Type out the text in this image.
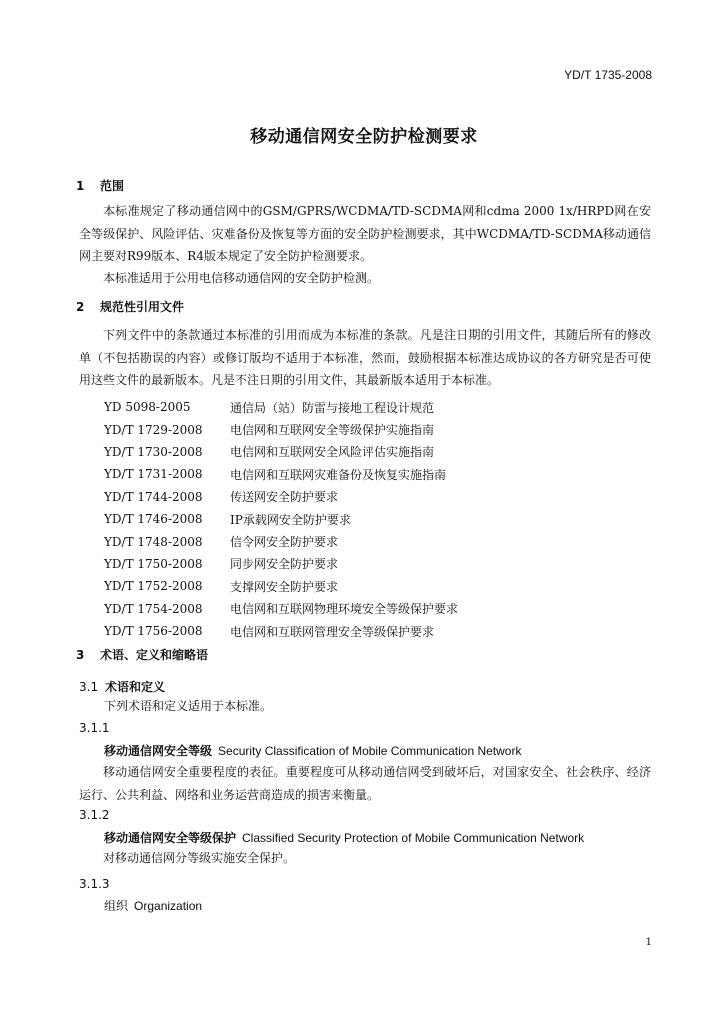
YD/T 1735-2008
移动通信网安全防护检测要求
1 范围

本标准规定了移动通信网中的GSM/GPRS/WCDMA/TD-SCDMA网和cdma 2000 1x/HRPD网在安全等级保护、风险评估、灾难备份及恢复等方面的安全防护检测要求，其中WCDMA/TD-SCDMA移动通信网主要对R99版本、R4版本规定了安全防护检测要求。

本标准适用于公用电信移动通信网的安全防护检测。

2 规范性引用文件

下列文件中的条款通过本标准的引用而成为本标准的条款。凡是注日期的引用文件，其随后所有的修改单（不包括勘误的内容）或修订版均不适用于本标准，然而，鼓励根据本标准达成协议的各方研究是否可使用这些文件的最新版本。凡是不注日期的引用文件，其最新版本适用于本标准。

YD 5098-2005	通信局（站）防雷与接地工程设计规范
YD/T 1729-2008	电信网和互联网安全等级保护实施指南
YD/T 1730-2008	电信网和互联网安全风险评估实施指南
YD/T 1731-2008	电信网和互联网灾难备份及恢复实施指南
YD/T 1744-2008	传送网安全防护要求
YD/T 1746-2008	IP承载网安全防护要求
YD/T 1748-2008	信令网安全防护要求
YD/T 1750-2008	同步网安全防护要求
YD/T 1752-2008	支撑网安全防护要求
YD/T 1754-2008	电信网和互联网物理环境安全等级保护要求
YD/T 1756-2008	电信网和互联网管理安全等级保护要求
3 术语、定义和缩略语
3.1 术语和定义
下列术语和定义适用于本标准。
3.1.1
移动通信网安全等级 Security Classification of Mobile Communication Network

移动通信网安全重要程度的表征。重要程度可从移动通信网受到破坏后，对国家安全、社会秩序、经济运行、公共利益、网络和业务运营商造成的损害来衡量。

3.1.2
移动通信网安全等级保护 Classified Security Protection of Mobile Communication Network

对移动通信网分等级实施安全保护。

3.1.3
组织 Organization
1
